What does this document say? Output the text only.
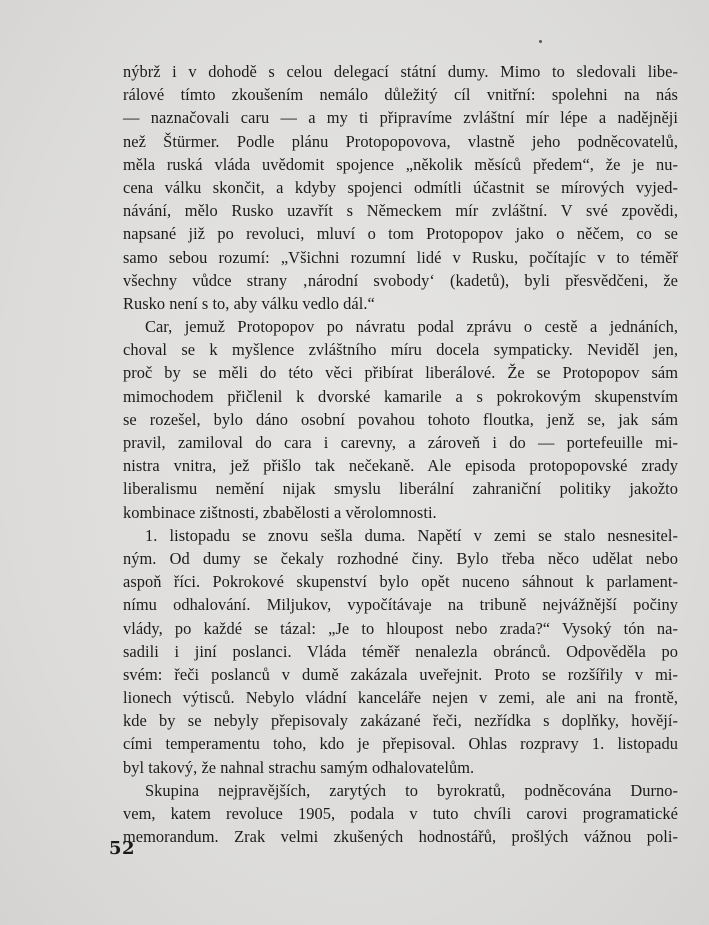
nýbrž i v dohodě s celou delegací státní dumy. Mimo to sledovali libe-
rálové tímto zkoušením nemálo důležitý cíl vnitřní: spolehni na nás
— naznačovali caru — a my ti připravíme zvláštní mír lépe a nadějněji
než Štürmer. Podle plánu Protopopovova, vlastně jeho podněcovatelů,
měla ruská vláda uvědomit spojence „několik měsíců předem“, že je nu-
cena válku skončit, a kdyby spojenci odmítli účastnit se mírových vyjed-
návání, mělo Rusko uzavřít s Německem mír zvláštní. V své zpovědi,
napsané již po revoluci, mluví o tom Protopopov jako o něčem, co se
samo sebou rozumí: „Všichni rozumní lidé v Rusku, počítajíc v to téměř
všechny vůdce strany ‚národní svobody‘ (kadetů), byli přesvědčeni, že
Rusko není s to, aby válku vedlo dál.“
Car, jemuž Protopopov po návratu podal zprávu o cestě a jednáních,
choval se k myšlence zvláštního míru docela sympaticky. Neviděl jen,
proč by se měli do této věci přibírat liberálové. Že se Protopopov sám
mimochodem přičlenil k dvorské kamarile a s pokrokovým skupenstvím
se rozešel, bylo dáno osobní povahou tohoto floutka, jenž se, jak sám
pravil, zamiloval do cara i carevny, a zároveň i do — portefeuille mi-
nistra vnitra, jež přišlo tak nečekaně. Ale episoda protopopovské zrady
liberalismu nemění nijak smyslu liberální zahraniční politiky jakožto
kombinace zištnosti, zbabělosti a věrolomnosti.
1. listopadu se znovu sešla duma. Napětí v zemi se stalo nesnesitel-
ným. Od dumy se čekaly rozhodné činy. Bylo třeba něco udělat nebo
aspoň říci. Pokrokové skupenství bylo opět nuceno sáhnout k parlament-
nímu odhalování. Miljukov, vypočítávaje na tribuně nejvážnější počiny
vlády, po každé se tázal: „Je to hloupost nebo zrada?“ Vysoký tón na-
sadili i jiní poslanci. Vláda téměř nenalezla obránců. Odpověděla po
svém: řeči poslanců v dumě zakázala uveřejnit. Proto se rozšířily v mi-
lionech výtisců. Nebylo vládní kanceláře nejen v zemi, ale ani na frontě,
kde by se nebyly přepisovaly zakázané řeči, nezřídka s doplňky, hovějí-
cími temperamentu toho, kdo je přepisoval. Ohlas rozpravy 1. listopadu
byl takový, že nahnal strachu samým odhalovatelům.
Skupina nejpravějších, zarytých to byrokratů, podněcována Durno-
vem, katem revoluce 1905, podala v tuto chvíli carovi programatické
memorandum. Zrak velmi zkušených hodnostářů, prošlých vážnou poli-
52
